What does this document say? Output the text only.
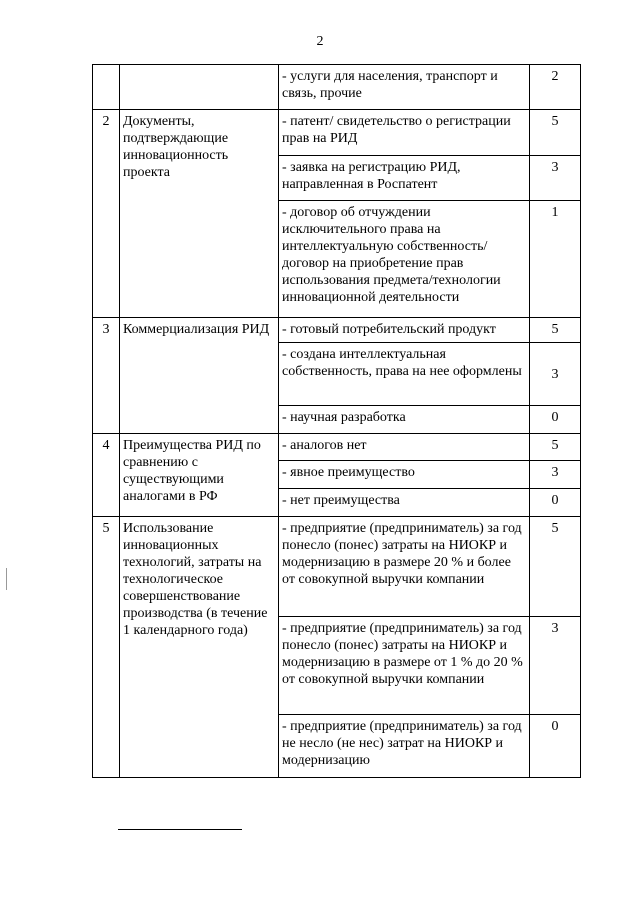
2
		- услуги для населения, транспорт и связь, прочие	2
2	Документы, подтверждающие инновационность проекта	- патент/ свидетельство о регистрации прав на РИД	5
		- заявка на регистрацию РИД, направленная в Роспатент	3
		- договор об отчуждении исключительного права на интеллектуальную собственность/ договор на приобретение прав использования предмета/технологии инновационной деятельности	1
3	Коммерциализация РИД	- готовый потребительский продукт	5
		- создана интеллектуальная собственность, права на нее оформлены	3
		- научная разработка	0
4	Преимущества РИД по сравнению с существующими аналогами в РФ	- аналогов нет	5
		- явное преимущество	3
		- нет преимущества	0
5	Использование инновационных технологий, затраты на технологическое совершенствование производства (в течение 1 календарного года)	- предприятие (предприниматель) за год понесло (понес) затраты на НИОКР и модернизацию в размере 20 % и более от совокупной выручки компании	5
		- предприятие (предприниматель) за год понесло (понес) затраты на НИОКР и модернизацию в размере от 1 % до 20 % от совокупной выручки компании	3
		- предприятие (предприниматель) за год не несло (не нес) затрат на НИОКР и модернизацию	0
